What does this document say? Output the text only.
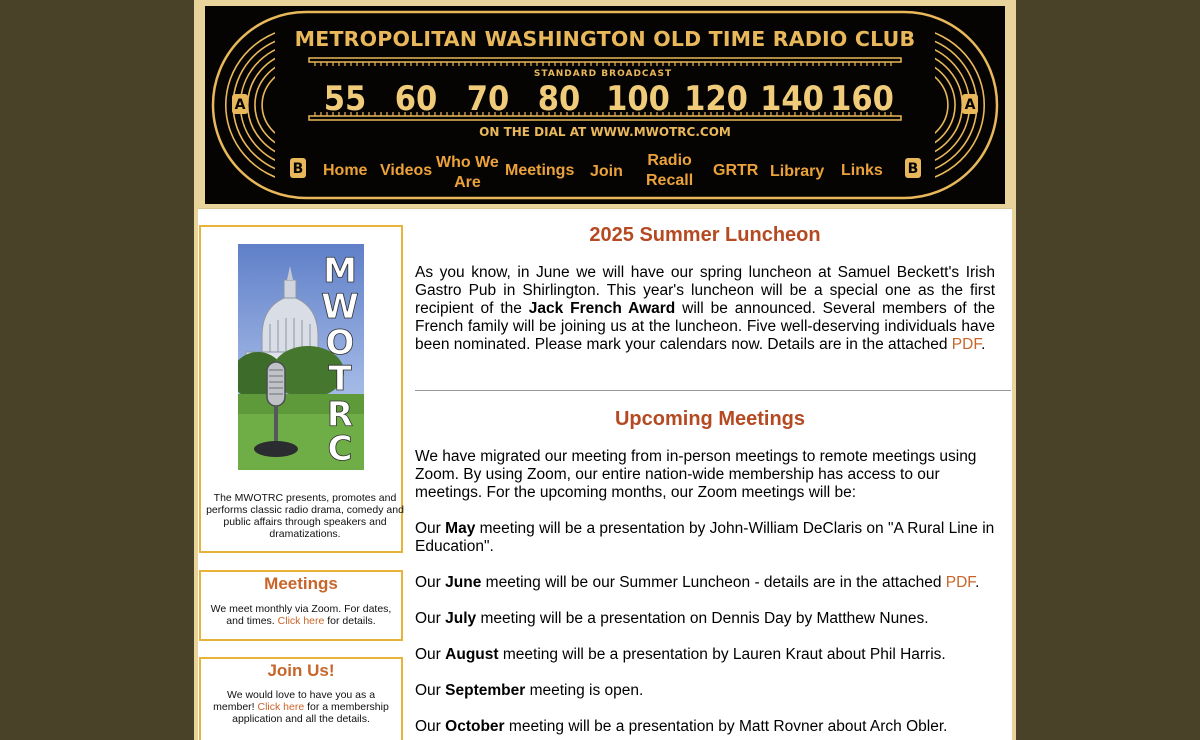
METROPOLITAN WASHINGTON OLD TIME RADIO CLUB
STANDARD BROADCAST
55 60 70 80 100 120 140 160
ON THE DIAL AT WWW.MWOTRC.COM
A	A
B	B
Home Videos Who We
Are
Meetings Join
Radio
Recall
GRTR Library Links
M
W
O
T
R
C
The MWOTRC presents, promotes and performs classic radio drama, comedy and public affairs through speakers and dramatizations.
Meetings
We meet monthly via Zoom. For dates, and times. Click here for details.
Join Us!
We would love to have you as a member! Click here for a membership application and all the details.
2025 Summer Luncheon

As you know, in June we will have our spring luncheon at Samuel Beckett's Irish Gastro Pub in Shirlington. This year's luncheon will be a special one as the first recipient of the Jack French Award will be announced. Several members of the French family will be joining us at the luncheon. Five well-deserving individuals have been nominated. Please mark your calendars now. Details are in the attached PDF.

Upcoming Meetings

We have migrated our meeting from in-person meetings to remote meetings using Zoom. By using Zoom, our entire nation-wide membership has access to our meetings. For the upcoming months, our Zoom meetings will be:

Our May meeting will be a presentation by John-William DeClaris on "A Rural Line in Education".

Our June meeting will be our Summer Luncheon - details are in the attached PDF.

Our July meeting will be a presentation on Dennis Day by Matthew Nunes.

Our August meeting will be a presentation by Lauren Kraut about Phil Harris.

Our September meeting is open.

Our October meeting will be a presentation by Matt Rovner about Arch Obler.
